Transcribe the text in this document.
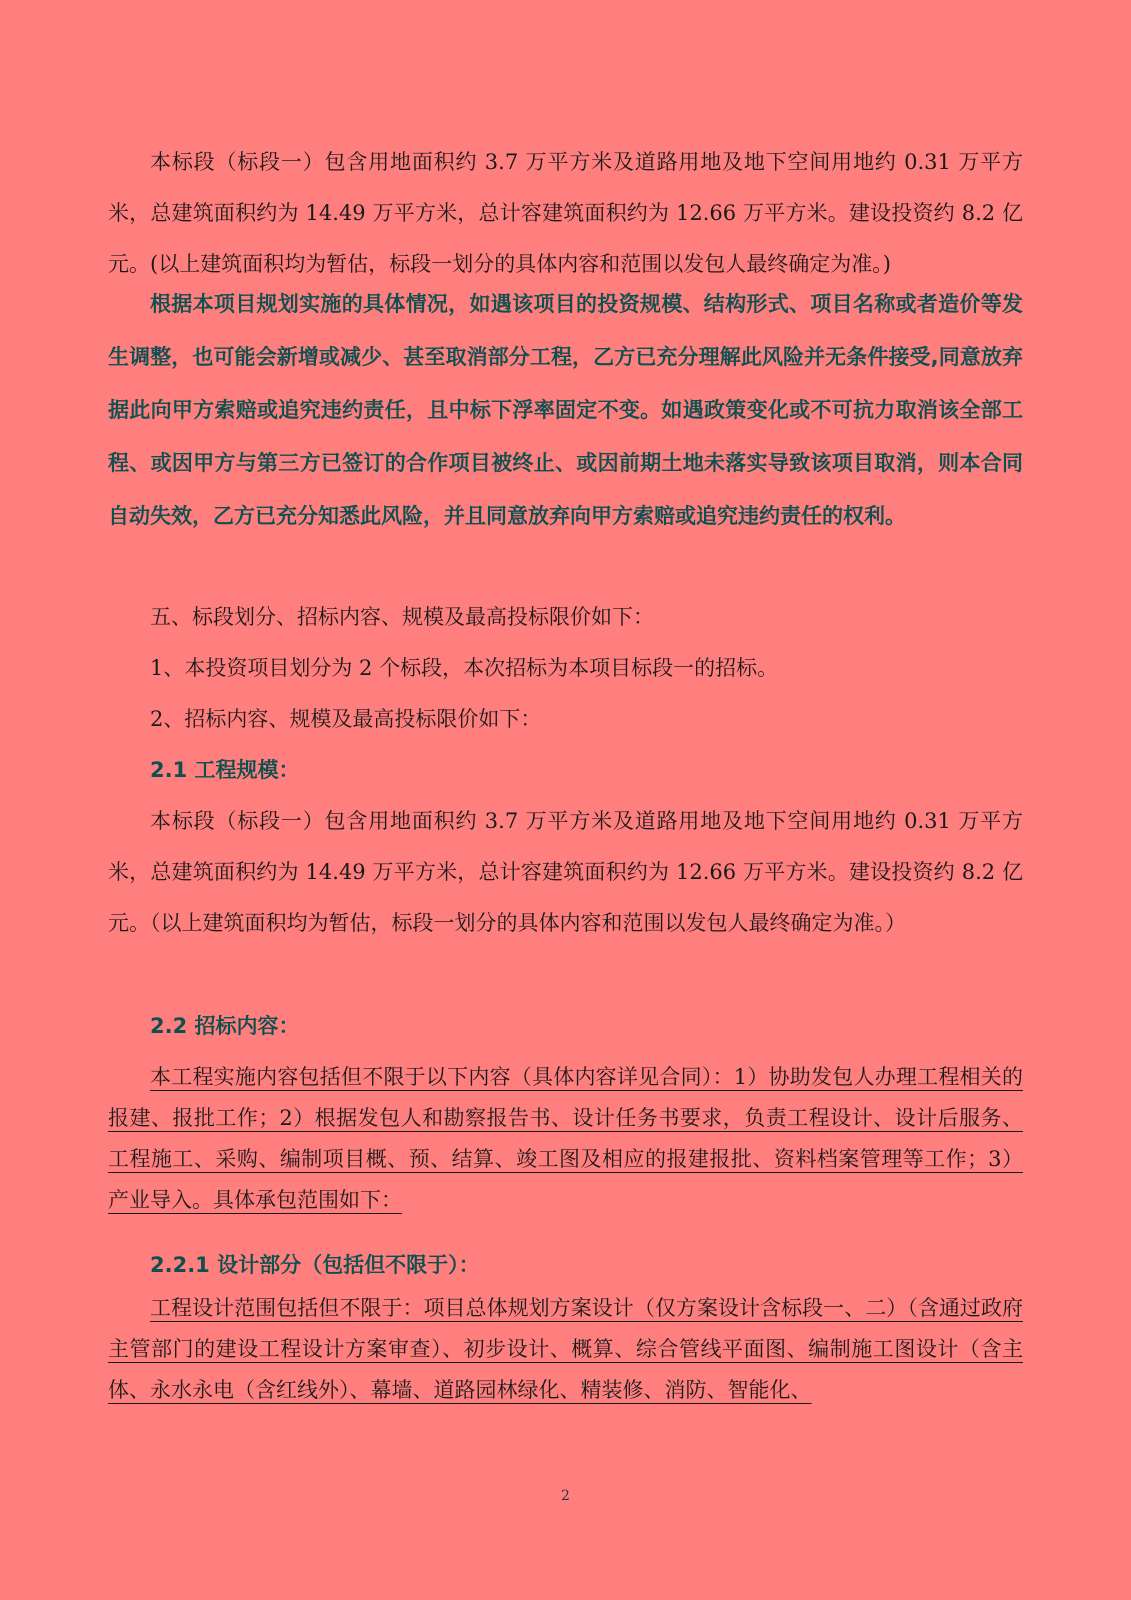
本标段（标段一）包含用地面积约 3.7 万平方米及道路用地及地下空间用地约 0.31 万平方米，总建筑面积约为 14.49 万平方米，总计容建筑面积约为 12.66 万平方米。建设投资约 8.2 亿元。(以上建筑面积均为暂估，标段一划分的具体内容和范围以发包人最终确定为准。)

根据本项目规划实施的具体情况，如遇该项目的投资规模、结构形式、项目名称或者造价等发生调整，也可能会新增或减少、甚至取消部分工程，乙方已充分理解此风险并无条件接受,同意放弃据此向甲方索赔或追究违约责任，且中标下浮率固定不变。如遇政策变化或不可抗力取消该全部工程、或因甲方与第三方已签订的合作项目被终止、或因前期土地未落实导致该项目取消，则本合同自动失效，乙方已充分知悉此风险，并且同意放弃向甲方索赔或追究违约责任的权利。

五、标段划分、招标内容、规模及最高投标限价如下：

1、本投资项目划分为 2 个标段，本次招标为本项目标段一的招标。

2、招标内容、规模及最高投标限价如下：

2.1 工程规模：

本标段（标段一）包含用地面积约 3.7 万平方米及道路用地及地下空间用地约 0.31 万平方米，总建筑面积约为 14.49 万平方米，总计容建筑面积约为 12.66 万平方米。建设投资约 8.2 亿元。（以上建筑面积均为暂估，标段一划分的具体内容和范围以发包人最终确定为准。）

2.2 招标内容：

本工程实施内容包括但不限于以下内容（具体内容详见合同）：1）协助发包人办理工程相关的报建、报批工作；2）根据发包人和勘察报告书、设计任务书要求，负责工程设计、设计后服务、工程施工、采购、编制项目概、预、结算、竣工图及相应的报建报批、资料档案管理等工作；3）产业导入。具体承包范围如下：

2.2.1 设计部分（包括但不限于）：

工程设计范围包括但不限于：项目总体规划方案设计（仅方案设计含标段一、二）（含通过政府主管部门的建设工程设计方案审查）、初步设计、概算、综合管线平面图、编制施工图设计（含主体、永水永电（含红线外）、幕墙、道路园林绿化、精装修、消防、智能化、

2
